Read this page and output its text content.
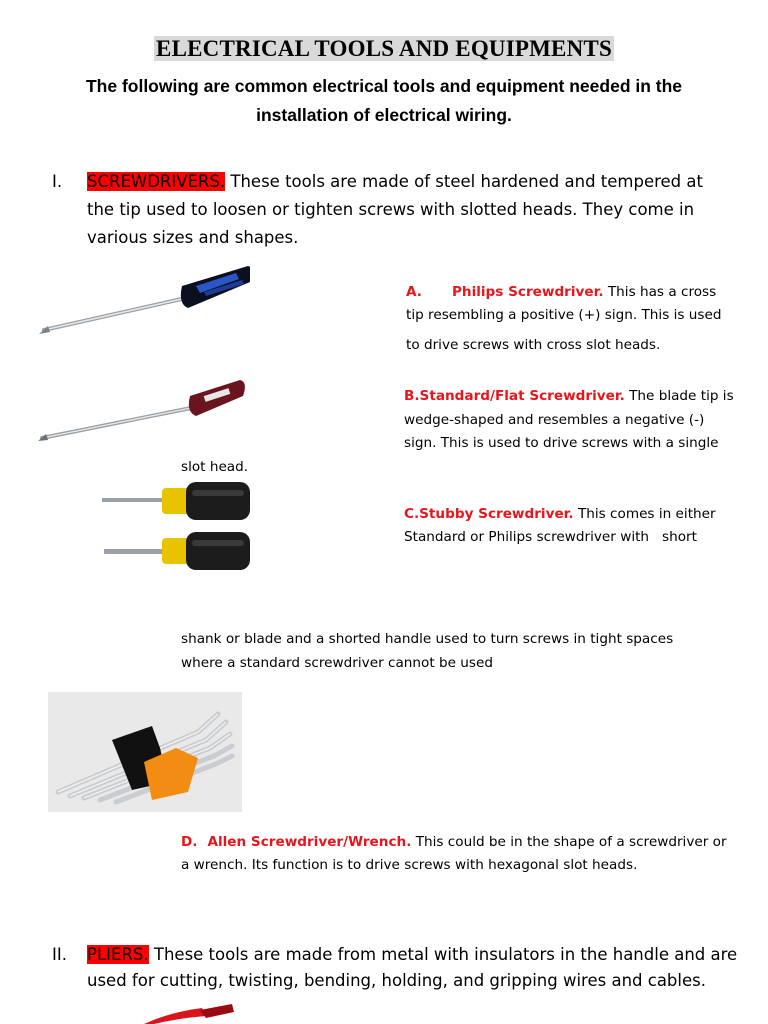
ELECTRICAL TOOLS AND EQUIPMENTS
The following are common electrical tools and equipment needed in the installation of electrical wiring.
I. SCREWDRIVERS. These tools are made of steel hardened and tempered at
the tip used to loosen or tighten screws with slotted heads. They come in
various sizes and shapes.
A. Philips Screwdriver. This has a cross
tip resembling a positive (+) sign. This is used
to drive screws with cross slot heads.
B.Standard/Flat Screwdriver. The blade tip is
wedge-shaped and resembles a negative (-)
sign. This is used to drive screws with a single
slot head.
C.Stubby Screwdriver. This comes in either
Standard or Philips screwdriver with   short
shank or blade and a shorted handle used to turn screws in tight spaces
where a standard screwdriver cannot be used
D. Allen Screwdriver/Wrench. This could be in the shape of a screwdriver or
a wrench. Its function is to drive screws with hexagonal slot heads.
II. PLIERS. These tools are made from metal with insulators in the handle and are
used for cutting, twisting, bending, holding, and gripping wires and cables.
